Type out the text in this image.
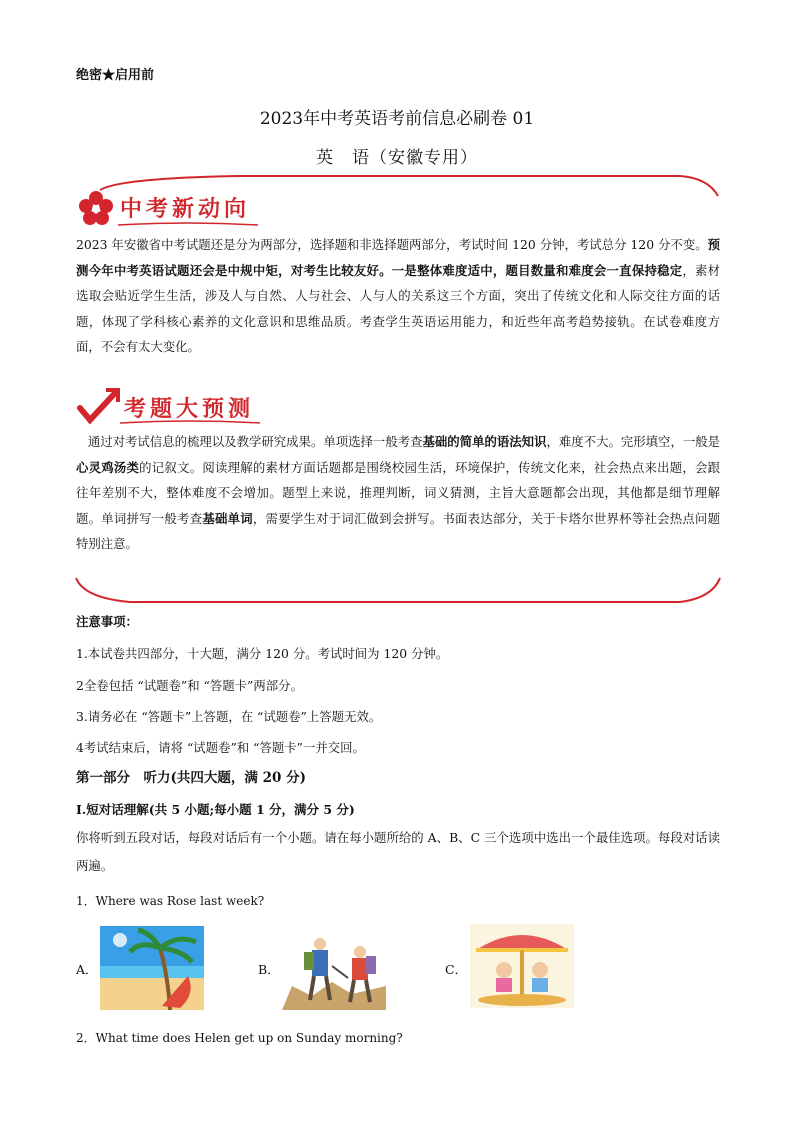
绝密★启用前
2023年中考英语考前信息必刷卷 01
英　语（安徽专用）
中考新动向
2023 年安徽省中考试题还是分为两部分，选择题和非选择题两部分，考试时间 120 分钟，考试总分 120 分不变。预测今年中考英语试题还会是中规中矩，对考生比较友好。一是整体难度适中，题目数量和难度会一直保持稳定，素材选取会贴近学生生活，涉及人与自然、人与社会、人与人的关系这三个方面，突出了传统文化和人际交往方面的话题，体现了学科核心素养的文化意识和思维品质。考查学生英语运用能力，和近些年高考趋势接轨。在试卷难度方面，不会有太大变化。
考题大预测
通过对考试信息的梳理以及教学研究成果。单项选择一般考查基础的简单的语法知识，难度不大。完形填空，一般是心灵鸡汤类的记叙文。阅读理解的素材方面话题都是围绕校园生活，环境保护，传统文化来，社会热点来出题，会跟往年差别不大，整体难度不会增加。题型上来说，推理判断，词义猜测，主旨大意题都会出现，其他都是细节理解题。单词拼写一般考查基础单词，需要学生对于词汇做到会拼写。书面表达部分，关于卡塔尔世界杯等社会热点问题特别注意。
注意事项：
1.本试卷共四部分，十大题，满分 120 分。考试时间为 120 分钟。
2全卷包括 “试题卷”和 “答题卡”两部分。
3.请务必在 “答题卡”上答题，在 “试题卷”上答题无效。
4考试结束后，请将 “试题卷”和 “答题卡”一并交回。
第一部分　听力(共四大题，满 20 分)
Ⅰ.短对话理解(共 5 小题;每小题 1 分，满分 5 分)
你将听到五段对话，每段对话后有一个小题。请在每小题所给的 A、B、C 三个选项中选出一个最佳选项。每段对话读两遍。
1．Where was Rose last week?
A．	B．	C．
2．What time does Helen get up on Sunday morning?
